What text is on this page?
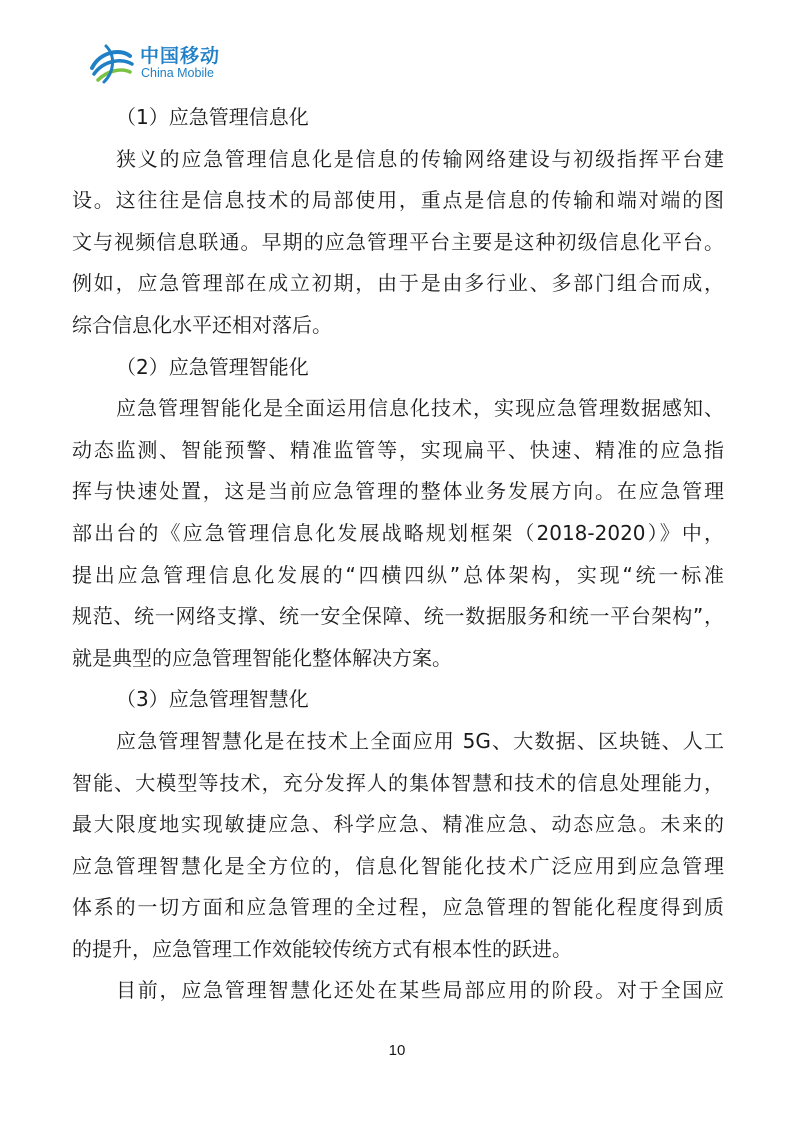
中国移动
China Mobile
（1）应急管理信息化
狭义的应急管理信息化是信息的传输网络建设与初级指挥平台建
设。这往往是信息技术的局部使用，重点是信息的传输和端对端的图
文与视频信息联通。早期的应急管理平台主要是这种初级信息化平台。
例如，应急管理部在成立初期，由于是由多行业、多部门组合而成，
综合信息化水平还相对落后。
（2）应急管理智能化
应急管理智能化是全面运用信息化技术，实现应急管理数据感知、
动态监测、智能预警、精准监管等，实现扁平、快速、精准的应急指
挥与快速处置，这是当前应急管理的整体业务发展方向。在应急管理
部出台的《应急管理信息化发展战略规划框架（2018-2020）》中，
提出应急管理信息化发展的“四横四纵”总体架构，实现“统一标准
规范、统一网络支撑、统一安全保障、统一数据服务和统一平台架构”，
就是典型的应急管理智能化整体解决方案。
（3）应急管理智慧化
应急管理智慧化是在技术上全面应用 5G、大数据、区块链、人工
智能、大模型等技术，充分发挥人的集体智慧和技术的信息处理能力，
最大限度地实现敏捷应急、科学应急、精准应急、动态应急。未来的
应急管理智慧化是全方位的，信息化智能化技术广泛应用到应急管理
体系的一切方面和应急管理的全过程，应急管理的智能化程度得到质
的提升，应急管理工作效能较传统方式有根本性的跃进。
目前，应急管理智慧化还处在某些局部应用的阶段。对于全国应
10
